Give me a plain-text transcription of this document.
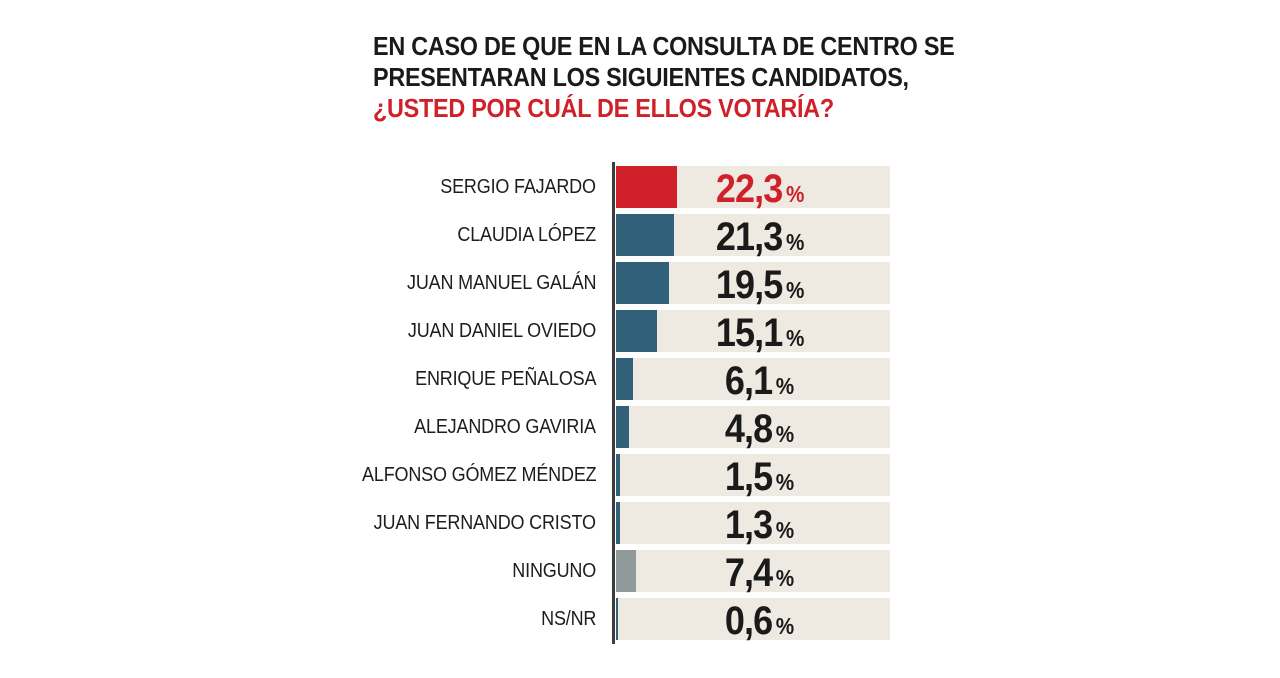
EN CASO DE QUE EN LA CONSULTA DE CENTRO SE
PRESENTARAN LOS SIGUIENTES CANDIDATOS,
¿USTED POR CUÁL DE ELLOS VOTARÍA?
SERGIO FAJARDO	22,3 %
CLAUDIA LÓPEZ	21,3 %
JUAN MANUEL GALÁN	19,5 %
JUAN DANIEL OVIEDO	15,1 %
ENRIQUE PEÑALOSA	6,1 %
ALEJANDRO GAVIRIA	4,8 %
ALFONSO GÓMEZ MÉNDEZ	1,5 %
JUAN FERNANDO CRISTO	1,3 %
NINGUNO	7,4 %
NS/NR	0,6 %
